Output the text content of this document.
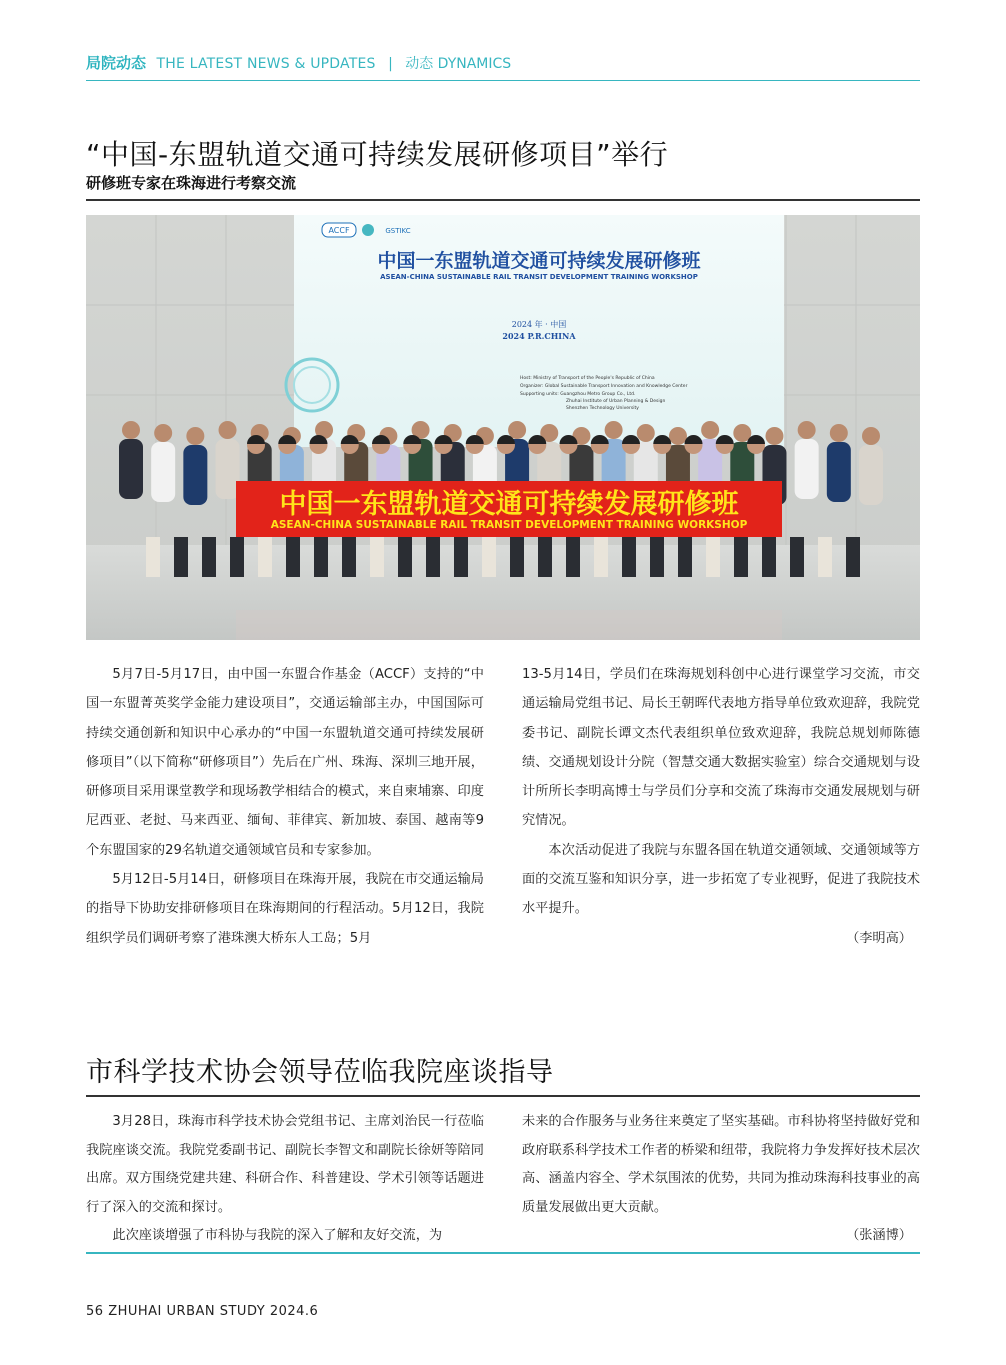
局院动态 THE LATEST NEWS & UPDATES | 动态 DYNAMICS
“中国-东盟轨道交通可持续发展研修项目”举行
研修班专家在珠海进行考察交流
ACCF	GSTIKC
中国一东盟轨道交通可持续发展研修班
ASEAN-CHINA SUSTAINABLE RAIL TRANSIT DEVELOPMENT TRAINING WORKSHOP
2024 年 · 中国
2024 P.R.CHINA
Host: Ministry of Transport of the People's Republic of China
Organizer: Global Sustainable Transport Innovation and Knowledge Center
Supporting units: Guangzhou Metro Group Co., Ltd.
Zhuhai Institute of Urban Planning & Design
Shenzhen Technology University
中国一东盟轨道交通可持续发展研修班
ASEAN-CHINA SUSTAINABLE RAIL TRANSIT DEVELOPMENT TRAINING WORKSHOP

5月7日-5月17日，由中国一东盟合作基金（ACCF）支持的“中国一东盟菁英奖学金能力建设项目”，交通运输部主办，中国国际可持续交通创新和知识中心承办的“中国一东盟轨道交通可持续发展研修项目”（以下简称“研修项目”）先后在广州、珠海、深圳三地开展，研修项目采用课堂教学和现场教学相结合的模式，来自柬埔寨、印度尼西亚、老挝、马来西亚、缅甸、菲律宾、新加坡、泰国、越南等9个东盟国家的29名轨道交通领域官员和专家参加。

5月12日-5月14日，研修项目在珠海开展，我院在市交通运输局的指导下协助安排研修项目在珠海期间的行程活动。5月12日，我院组织学员们调研考察了港珠澳大桥东人工岛；5月

13-5月14日，学员们在珠海规划科创中心进行课堂学习交流，市交通运输局党组书记、局长王朝晖代表地方指导单位致欢迎辞，我院党委书记、副院长谭文杰代表组织单位致欢迎辞，我院总规划师陈德绩、交通规划设计分院（智慧交通大数据实验室）综合交通规划与设计所所长李明高博士与学员们分享和交流了珠海市交通发展规划与研究情况。

本次活动促进了我院与东盟各国在轨道交通领域、交通领域等方面的交流互鉴和知识分享，进一步拓宽了专业视野，促进了我院技术水平提升。

（李明高）

市科学技术协会领导莅临我院座谈指导

3月28日，珠海市科学技术协会党组书记、主席刘治民一行莅临我院座谈交流。我院党委副书记、副院长李智文和副院长徐妍等陪同出席。双方围绕党建共建、科研合作、科普建设、学术引领等话题进行了深入的交流和探讨。

此次座谈增强了市科协与我院的深入了解和友好交流，为

未来的合作服务与业务往来奠定了坚实基础。市科协将坚持做好党和政府联系科学技术工作者的桥梁和纽带，我院将力争发挥好技术层次高、涵盖内容全、学术氛围浓的优势，共同为推动珠海科技事业的高质量发展做出更大贡献。

（张涵博）

56 ZHUHAI URBAN STUDY 2024.6
